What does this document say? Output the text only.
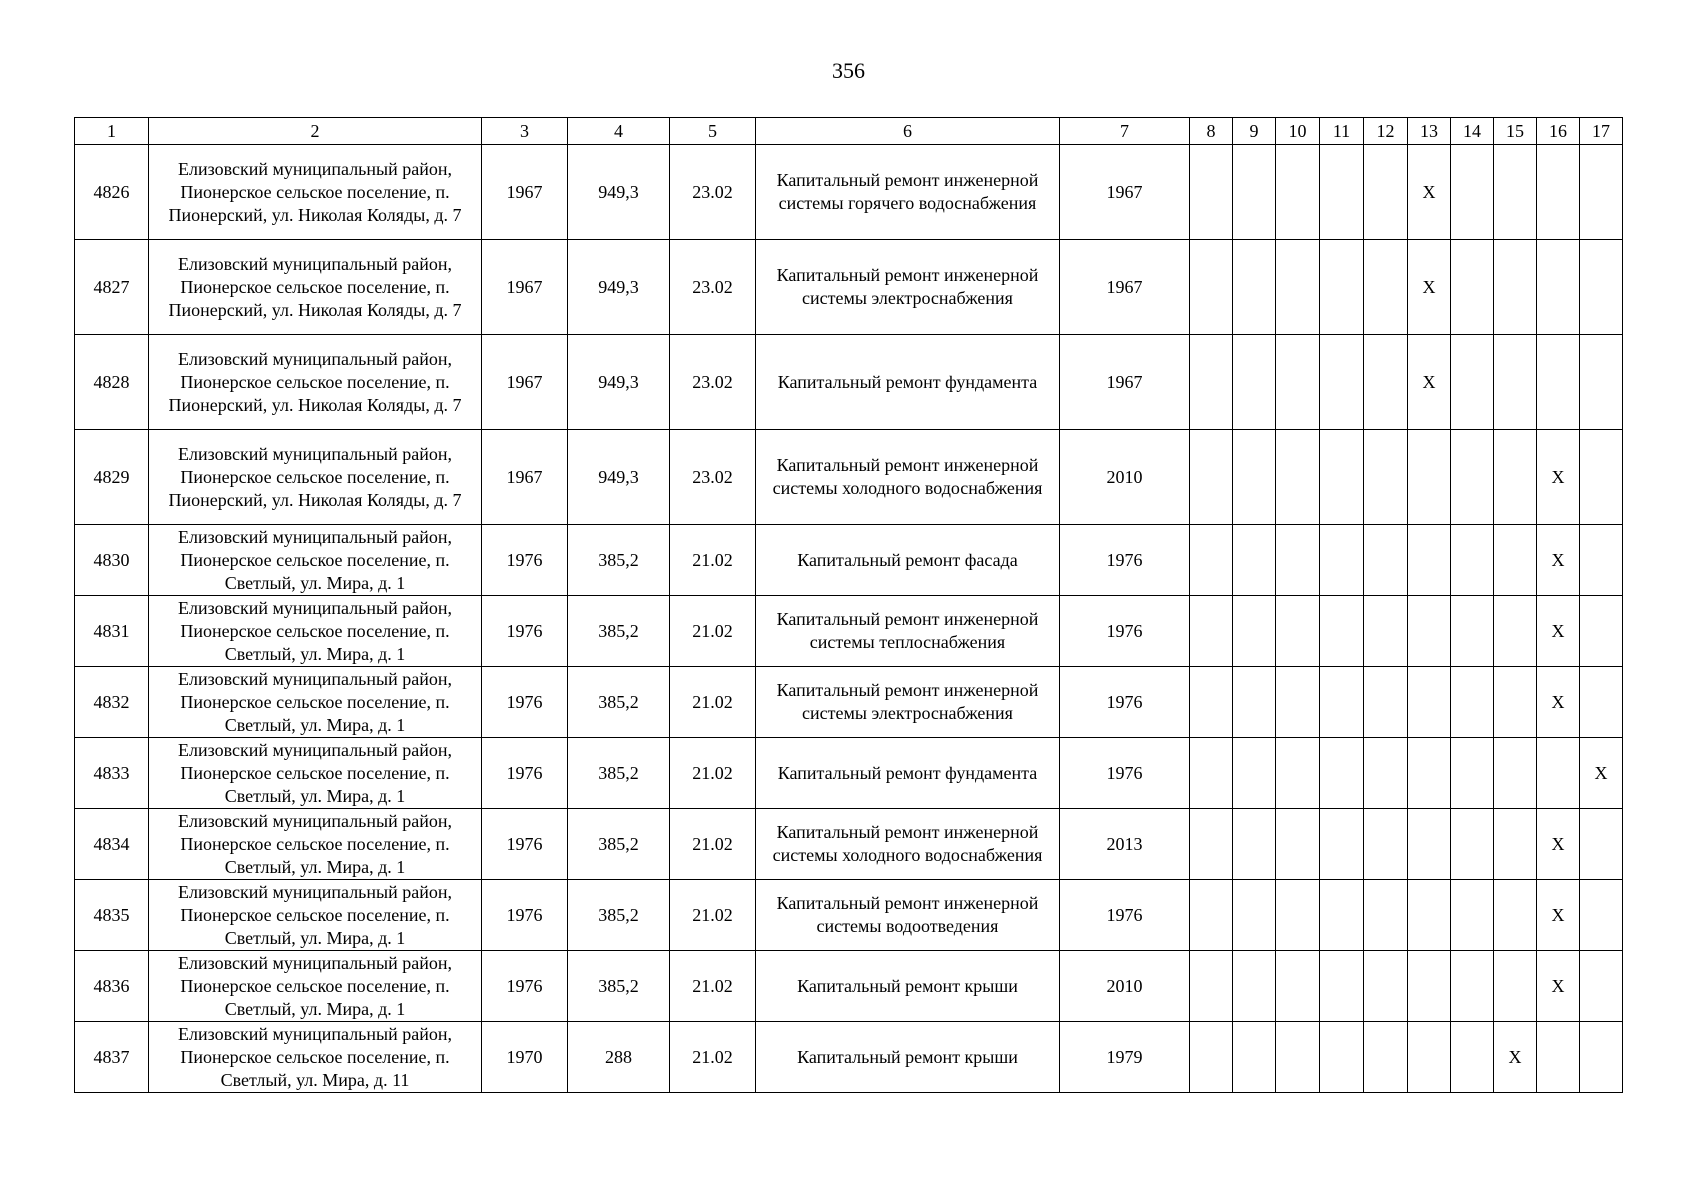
356
1	2	3	4	5	6	7	8	9	10	11	12	13	14	15	16	17
4826	Елизовский муниципальный район, Пионерское сельское поселение, п. Пионерский, ул. Николая Коляды, д. 7	1967	949,3	23.02	Капитальный ремонт инженерной системы горячего водоснабжения	1967						X				
4827	Елизовский муниципальный район, Пионерское сельское поселение, п. Пионерский, ул. Николая Коляды, д. 7	1967	949,3	23.02	Капитальный ремонт инженерной системы электроснабжения	1967						X				
4828	Елизовский муниципальный район, Пионерское сельское поселение, п. Пионерский, ул. Николая Коляды, д. 7	1967	949,3	23.02	Капитальный ремонт фундамента	1967						X				
4829	Елизовский муниципальный район, Пионерское сельское поселение, п. Пионерский, ул. Николая Коляды, д. 7	1967	949,3	23.02	Капитальный ремонт инженерной системы холодного водоснабжения	2010									X	
4830	Елизовский муниципальный район, Пионерское сельское поселение, п. Светлый, ул. Мира, д. 1	1976	385,2	21.02	Капитальный ремонт фасада	1976									X	
4831	Елизовский муниципальный район, Пионерское сельское поселение, п. Светлый, ул. Мира, д. 1	1976	385,2	21.02	Капитальный ремонт инженерной системы теплоснабжения	1976									X	
4832	Елизовский муниципальный район, Пионерское сельское поселение, п. Светлый, ул. Мира, д. 1	1976	385,2	21.02	Капитальный ремонт инженерной системы электроснабжения	1976									X	
4833	Елизовский муниципальный район, Пионерское сельское поселение, п. Светлый, ул. Мира, д. 1	1976	385,2	21.02	Капитальный ремонт фундамента	1976										X
4834	Елизовский муниципальный район, Пионерское сельское поселение, п. Светлый, ул. Мира, д. 1	1976	385,2	21.02	Капитальный ремонт инженерной системы холодного водоснабжения	2013									X	
4835	Елизовский муниципальный район, Пионерское сельское поселение, п. Светлый, ул. Мира, д. 1	1976	385,2	21.02	Капитальный ремонт инженерной системы водоотведения	1976									X	
4836	Елизовский муниципальный район, Пионерское сельское поселение, п. Светлый, ул. Мира, д. 1	1976	385,2	21.02	Капитальный ремонт крыши	2010									X	
4837	Елизовский муниципальный район, Пионерское сельское поселение, п. Светлый, ул. Мира, д. 11	1970	288	21.02	Капитальный ремонт крыши	1979								X		
